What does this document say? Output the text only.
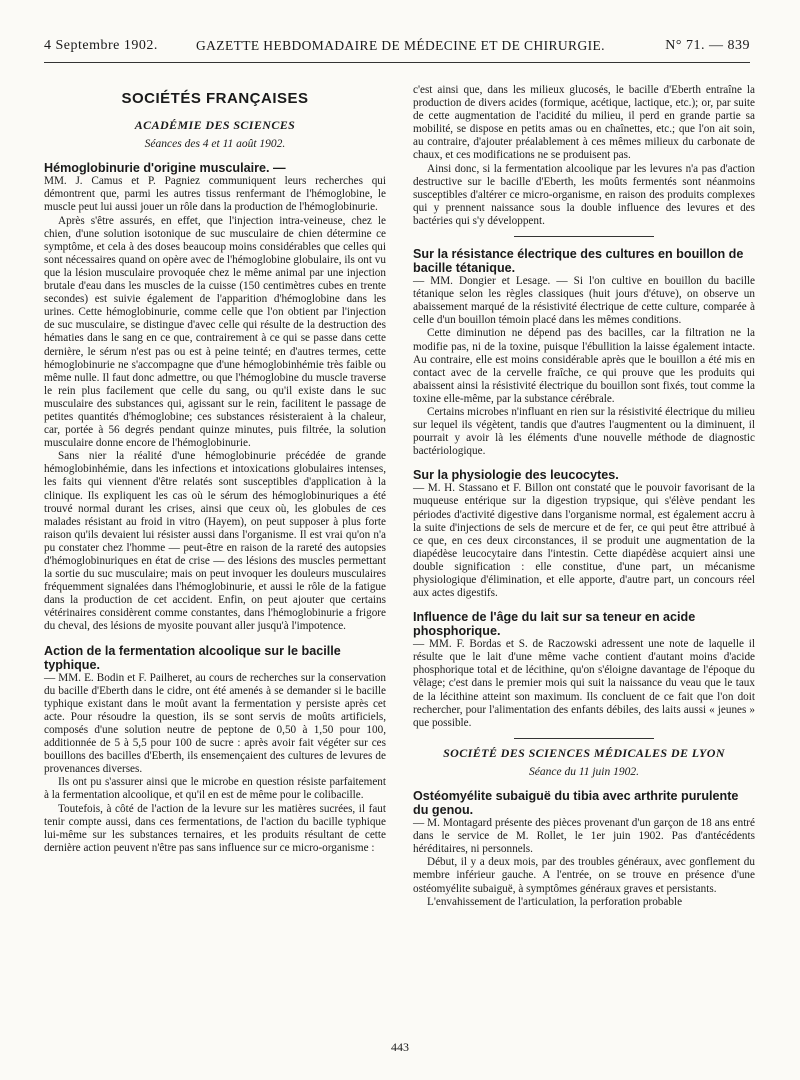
4 Septembre 1902.	GAZETTE HEBDOMADAIRE DE MÉDECINE ET DE CHIRURGIE.	N° 71. — 839
SOCIÉTÉS FRANÇAISES
ACADÉMIE DES SCIENCES
Séances des 4 et 11 août 1902.
Hémoglobinurie d'origine musculaire. —

MM. J. Camus et P. Pagniez communiquent leurs recherches qui démontrent que, parmi les autres tissus renfermant de l'hémoglobine, le muscle peut lui aussi jouer un rôle dans la production de l'hémoglobinurie.

Après s'être assurés, en effet, que l'injection intra-veineuse, chez le chien, d'une solution isotonique de suc musculaire de chien détermine ce symptôme, et cela à des doses beaucoup moins considérables que celles qui sont nécessaires quand on opère avec de l'hémoglobine globulaire, ils ont vu que la lésion musculaire provoquée chez le même animal par une injection brutale d'eau dans les muscles de la cuisse (150 centimètres cubes en trente secondes) est suivie également de l'apparition d'hémoglobine dans les urines. Cette hémoglobinurie, comme celle que l'on obtient par l'injection de suc musculaire, se distingue d'avec celle qui résulte de la destruction des hématies dans le sang en ce que, contrairement à ce qui se passe dans cette dernière, le sérum n'est pas ou est à peine teinté; en d'autres termes, cette hémoglobinurie ne s'accompagne que d'une hémoglobinhémie très faible ou même nulle. Il faut donc admettre, ou que l'hémoglobine du muscle traverse le rein plus facilement que celle du sang, ou qu'il existe dans le suc musculaire des substances qui, agissant sur le rein, facilitent le passage de petites quantités d'hémoglobine; ces substances résisteraient à la chaleur, car, portée à 56 degrés pendant quinze minutes, puis filtrée, la solution musculaire donne encore de l'hémoglobinurie.

Sans nier la réalité d'une hémoglobinurie précédée de grande hémoglobinhémie, dans les infections et intoxications globulaires intenses, les faits qui viennent d'être relatés sont susceptibles d'application à la clinique. Ils expliquent les cas où le sérum des hémoglobinuriques a été trouvé normal durant les crises, ainsi que ceux où, les globules de ces malades résistant au froid in vitro (Hayem), on peut supposer à plus forte raison qu'ils devaient lui résister aussi dans l'organisme. Il est vrai qu'on n'a pu constater chez l'homme — peut-être en raison de la rareté des autopsies d'hémoglobinuriques en état de crise — des lésions des muscles permettant la sortie du suc musculaire; mais on peut invoquer les douleurs musculaires fréquemment signalées dans l'hémoglobinurie, et aussi le rôle de la fatigue dans la production de cet accident. Enfin, on peut ajouter que certains vétérinaires considèrent comme constantes, dans l'hémoglobinurie a frigore du cheval, des lésions de myosite pouvant aller jusqu'à l'impotence.

Action de la fermentation alcoolique sur le bacille typhique.

— MM. E. Bodin et F. Pailheret, au cours de recherches sur la conservation du bacille d'Eberth dans le cidre, ont été amenés à se demander si le bacille typhique existant dans le moût avant la fermentation y persiste après cet acte. Pour résoudre la question, ils se sont servis de moûts artificiels, composés d'une solution neutre de peptone de 0,50 à 1,50 pour 100, additionnée de 5 à 5,5 pour 100 de sucre : après avoir fait végéter sur ces bouillons des bacilles d'Eberth, ils ensemençaient des cultures de levures de provenances diverses.

Ils ont pu s'assurer ainsi que le microbe en question résiste parfaitement à la fermentation alcoolique, et qu'il en est de même pour le colibacille.

Toutefois, à côté de l'action de la levure sur les matières sucrées, il faut tenir compte aussi, dans ces fermentations, de l'action du bacille typhique lui-même sur les substances ternaires, et les produits résultant de cette dernière action peuvent n'être pas sans influence sur ce micro-organisme :

c'est ainsi que, dans les milieux glucosés, le bacille d'Eberth entraîne la production de divers acides (formique, acétique, lactique, etc.); or, par suite de cette augmentation de l'acidité du milieu, il perd en grande partie sa mobilité, se dispose en petits amas ou en chaînettes, etc.; que l'on ait soin, au contraire, d'ajouter préalablement à ces mêmes milieux du carbonate de chaux, et ces modifications ne se produisent pas.

Ainsi donc, si la fermentation alcoolique par les levures n'a pas d'action destructive sur le bacille d'Eberth, les moûts fermentés sont néanmoins susceptibles d'altérer ce micro-organisme, en raison des produits complexes qui y prennent naissance sous la double influence des levures et des bactéries qui s'y développent.

Sur la résistance électrique des cultures en bouillon de bacille tétanique.

— MM. Dongier et Lesage. — Si l'on cultive en bouillon du bacille tétanique selon les règles classiques (huit jours d'étuve), on observe un abaissement marqué de la résistivité électrique de cette culture, comparée à celle d'un bouillon témoin placé dans les mêmes conditions.

Cette diminution ne dépend pas des bacilles, car la filtration ne la modifie pas, ni de la toxine, puisque l'ébullition la laisse également intacte. Au contraire, elle est moins considérable après que le bouillon a été mis en contact avec de la cervelle fraîche, ce qui prouve que les produits qui abaissent ainsi la résistivité électrique du bouillon sont fixés, tout comme la toxine elle-même, par la substance cérébrale.

Certains microbes n'influant en rien sur la résistivité électrique du milieu sur lequel ils végètent, tandis que d'autres l'augmentent ou la diminuent, il pourrait y avoir là les éléments d'une nouvelle méthode de diagnostic bactériologique.

Sur la physiologie des leucocytes.

— M. H. Stassano et F. Billon ont constaté que le pouvoir favorisant de la muqueuse entérique sur la digestion trypsique, qui s'élève pendant les périodes d'activité digestive dans l'organisme normal, est également accru à la suite d'injections de sels de mercure et de fer, ce qui peut être attribué à ce que, en ces deux circonstances, il se produit une augmentation de la diapédèse leucocytaire dans l'intestin. Cette diapédèse acquiert ainsi une double signification : elle constitue, d'une part, un mécanisme physiologique d'élimination, et elle apporte, d'autre part, un concours réel aux actes digestifs.

Influence de l'âge du lait sur sa teneur en acide phosphorique.

— MM. F. Bordas et S. de Raczowski adressent une note de laquelle il résulte que le lait d'une même vache contient d'autant moins d'acide phosphorique total et de lécithine, qu'on s'éloigne davantage de l'époque du vêlage; c'est dans le premier mois qui suit la naissance du veau que le taux de la lécithine atteint son maximum. Ils concluent de ce fait que l'on doit rechercher, pour l'alimentation des enfants débiles, des laits aussi « jeunes » que possible.

SOCIÉTÉ DES SCIENCES MÉDICALES DE LYON
Séance du 11 juin 1902.
Ostéomyélite subaiguë du tibia avec arthrite purulente du genou.

— M. Montagard présente des pièces provenant d'un garçon de 18 ans entré dans le service de M. Rollet, le 1er juin 1902. Pas d'antécédents héréditaires, ni personnels.

Début, il y a deux mois, par des troubles généraux, avec gonflement du membre inférieur gauche. A l'entrée, on se trouve en présence d'une ostéomyélite subaiguë, à symptômes généraux graves et persistants.

L'envahissement de l'articulation, la perforation probable

443
